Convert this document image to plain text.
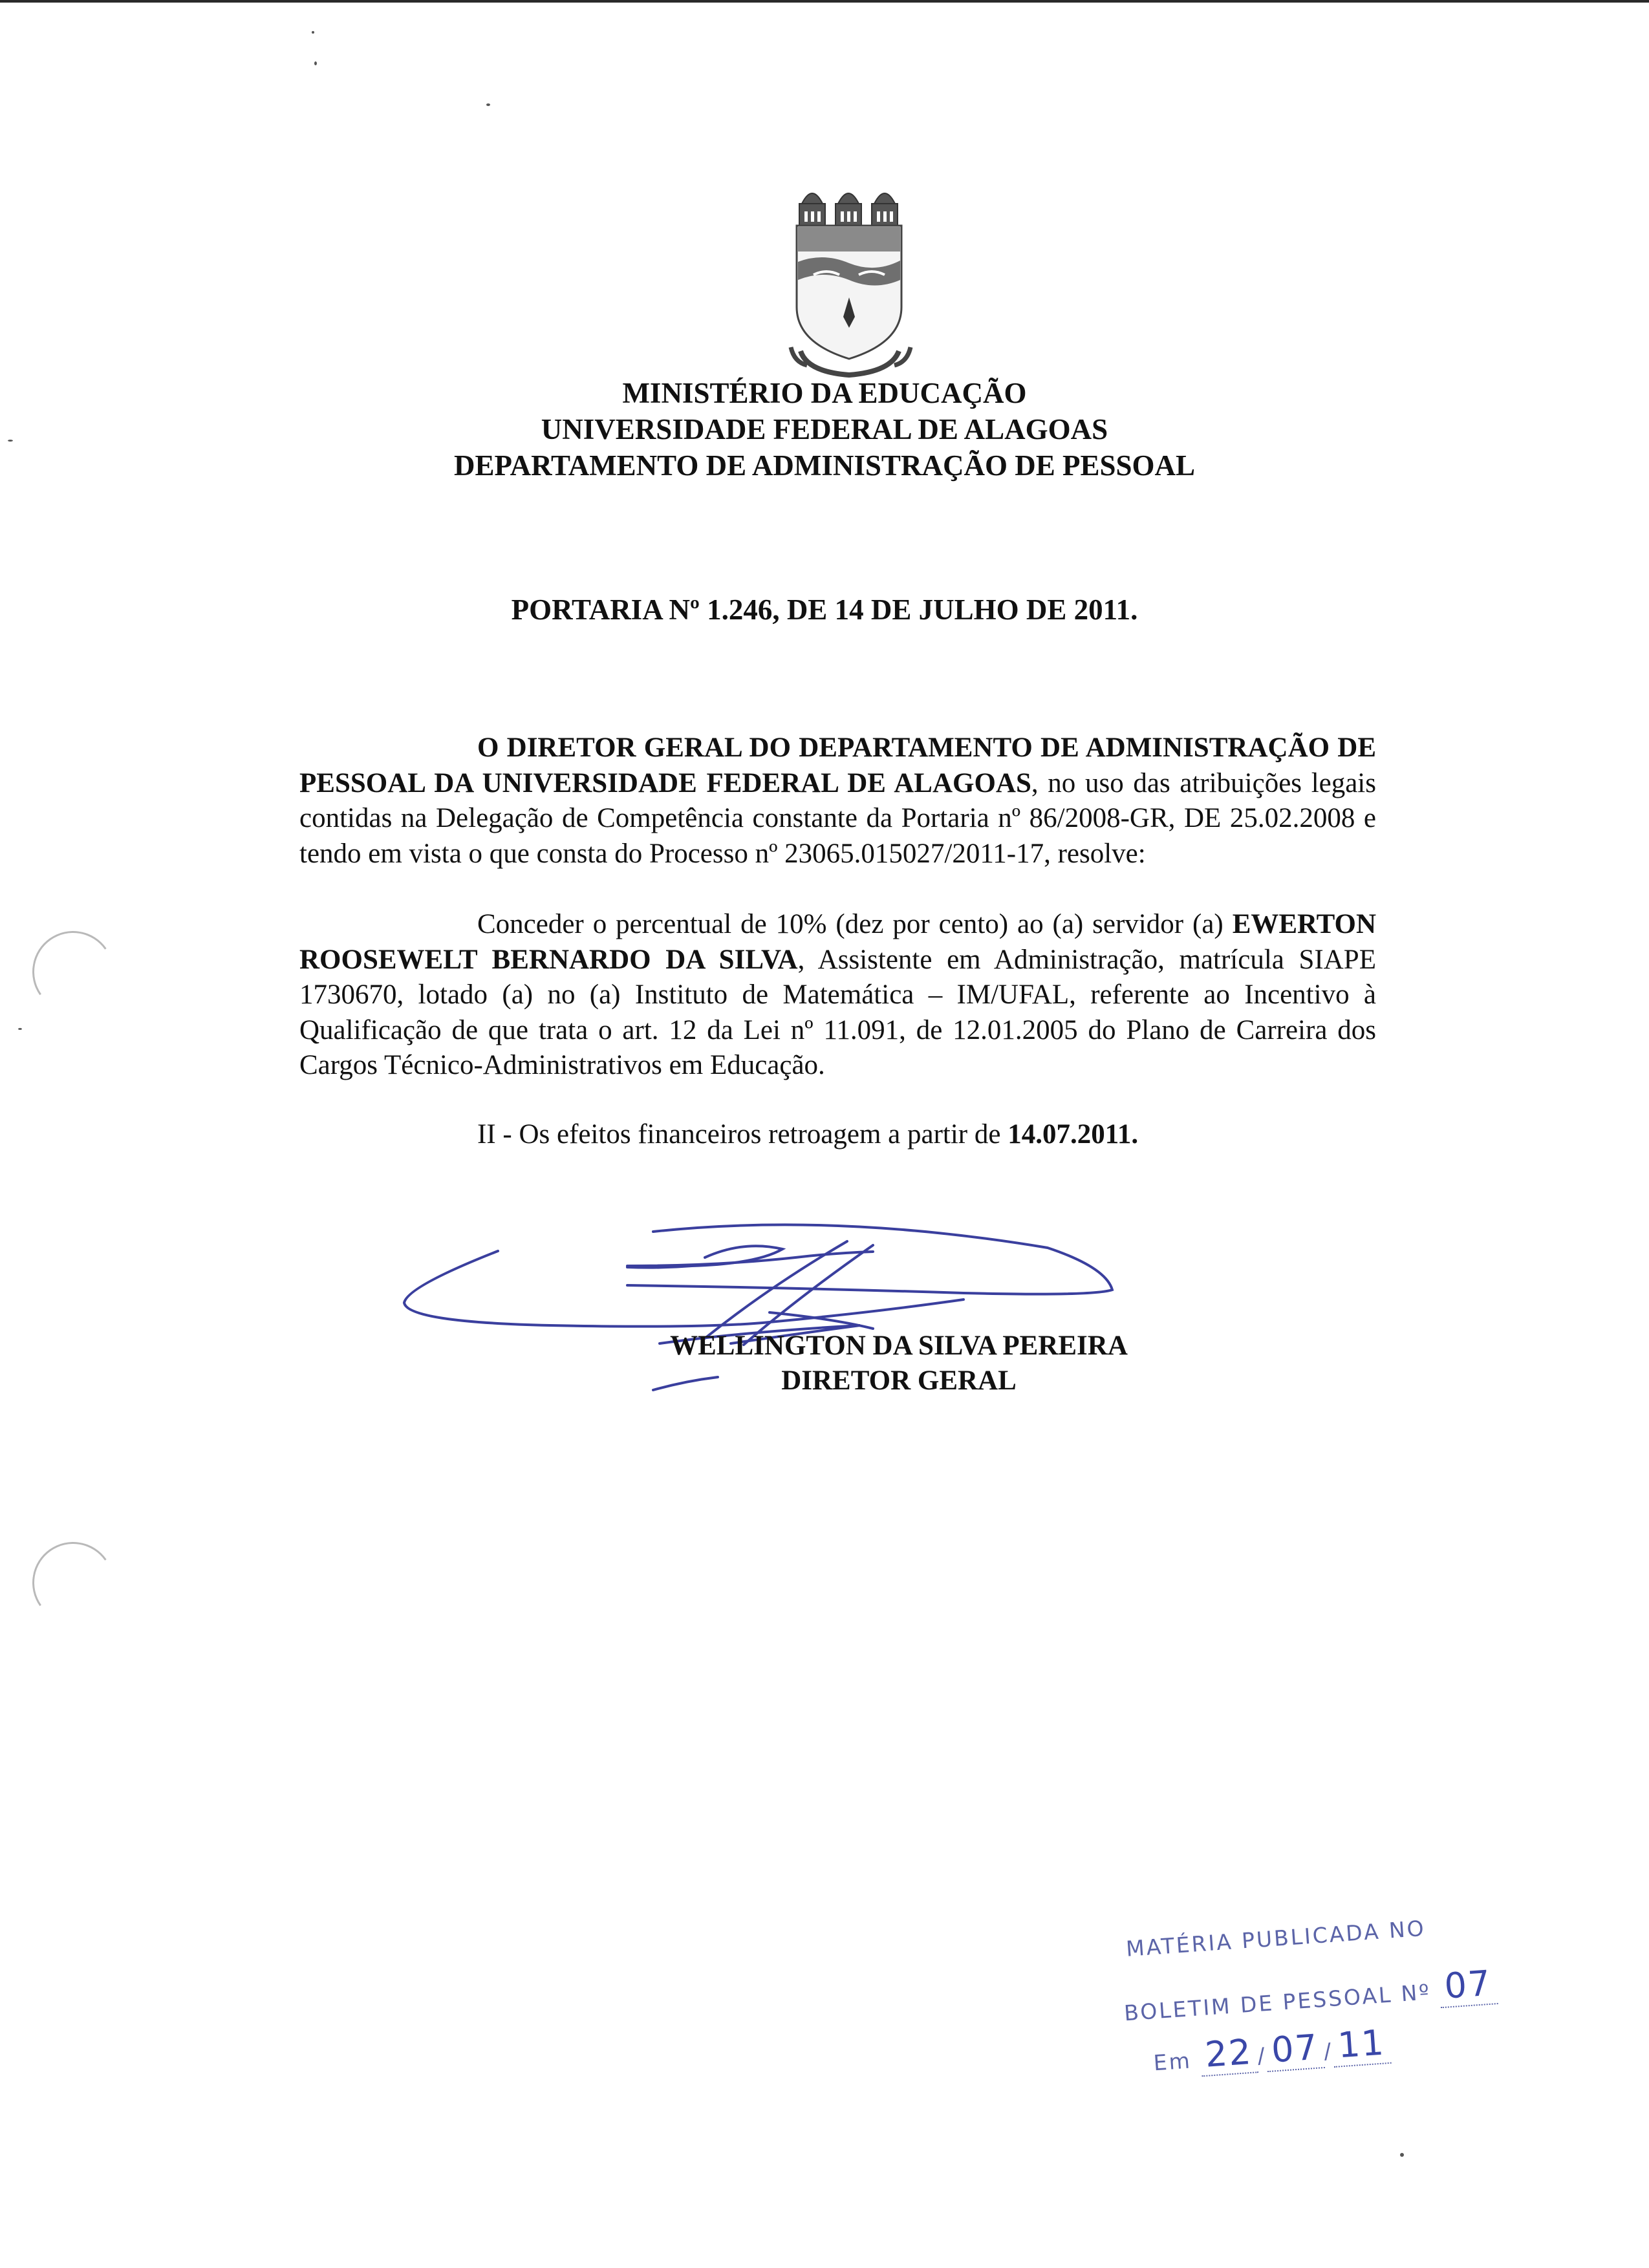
MINISTÉRIO DA EDUCAÇÃO
UNIVERSIDADE FEDERAL DE ALAGOAS
DEPARTAMENTO DE ADMINISTRAÇÃO DE PESSOAL
PORTARIA Nº 1.246, DE 14 DE JULHO DE 2011.

O DIRETOR GERAL DO DEPARTAMENTO DE ADMINISTRAÇÃO DE PESSOAL DA UNIVERSIDADE FEDERAL DE ALAGOAS, no uso das atribuições legais contidas na Delegação de Competência constante da Portaria nº 86/2008-GR, DE 25.02.2008 e tendo em vista o que consta do Processo nº 23065.015027/2011-17, resolve:

Conceder o percentual de 10% (dez por cento) ao (a) servidor (a) EWERTON ROOSEWELT BERNARDO DA SILVA, Assistente em Administração, matrícula SIAPE 1730670, lotado (a) no (a) Instituto de Matemática – IM/UFAL, referente ao Incentivo à Qualificação de que trata o art. 12 da Lei nº 11.091, de 12.01.2005 do Plano de Carreira dos Cargos Técnico-Administrativos em Educação.

II - Os efeitos financeiros retroagem a partir de 14.07.2011.

WELLINGTON DA SILVA PEREIRA
DIRETOR GERAL
MATÉRIA PUBLICADA NO
BOLETIM DE PESSOAL Nº 07
Em 22 /07 /11
